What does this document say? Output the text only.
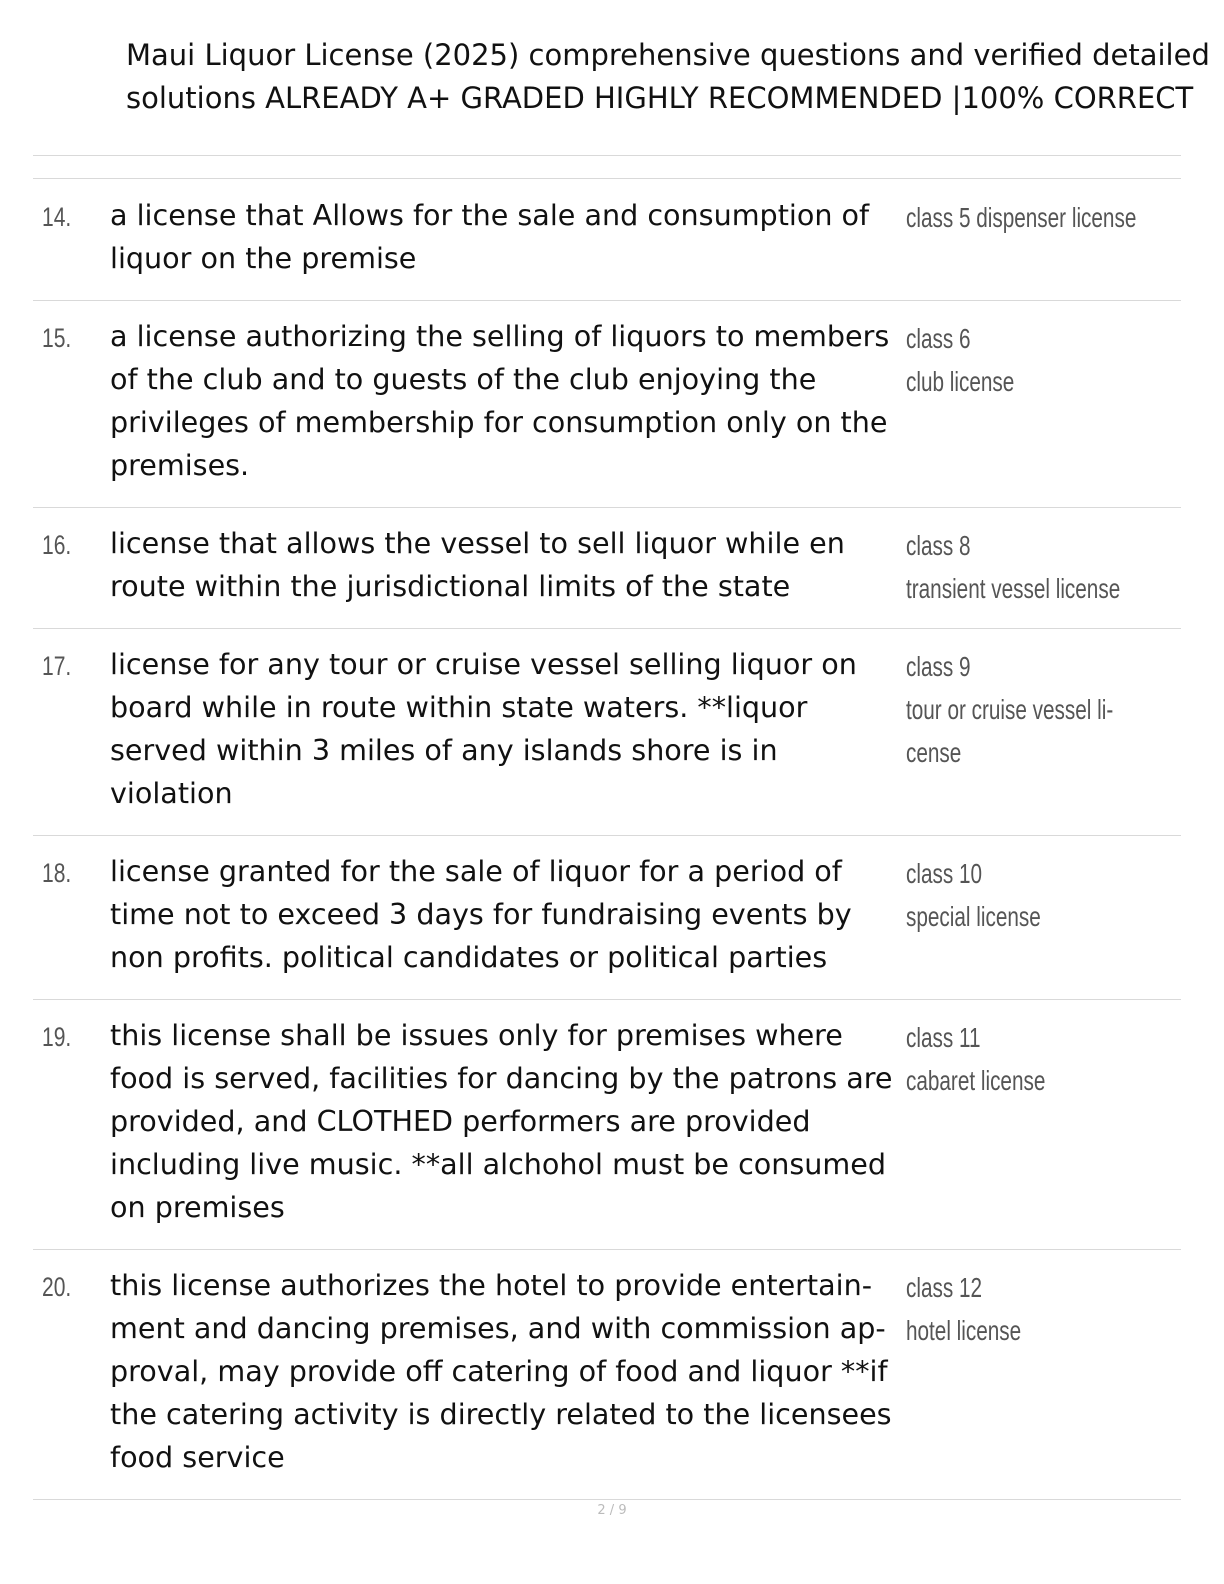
Maui Liquor License (2025) comprehensive questions and verified detailed
solutions ALREADY A+ GRADED HIGHLY RECOMMENDED |100% CORRECT
14. a license that Allows for the sale and consumption of liquor on the premise
class 5 dispenser license
15. a license authorizing the selling of liquors to members of the club and to guests of the club enjoying the privileges of membership for consumption only on the premises.
class 6
club license
16. license that allows the vessel to sell liquor while en route within the jurisdictional limits of the state
class 8
transient vessel license
17. license for any tour or cruise vessel selling liquor on board while in route within state waters. **liquor served within 3 miles of any islands shore is in violation
class 9
tour or cruise vessel li-
cense
18. license granted for the sale of liquor for a period of time not to exceed 3 days for fundraising events by non profits. political candidates or political parties
class 10
special license
19. this license shall be issues only for premises where food is served, facilities for dancing by the patrons are provided, and CLOTHED performers are provided including live music. **all alchohol must be consumed on premises
class 11
cabaret license
20. this license authorizes the hotel to provide entertain- ment and dancing premises, and with commission ap- proval, may provide off catering of food and liquor **if the catering activity is directly related to the licensees food service
class 12
hotel license
2 / 9
